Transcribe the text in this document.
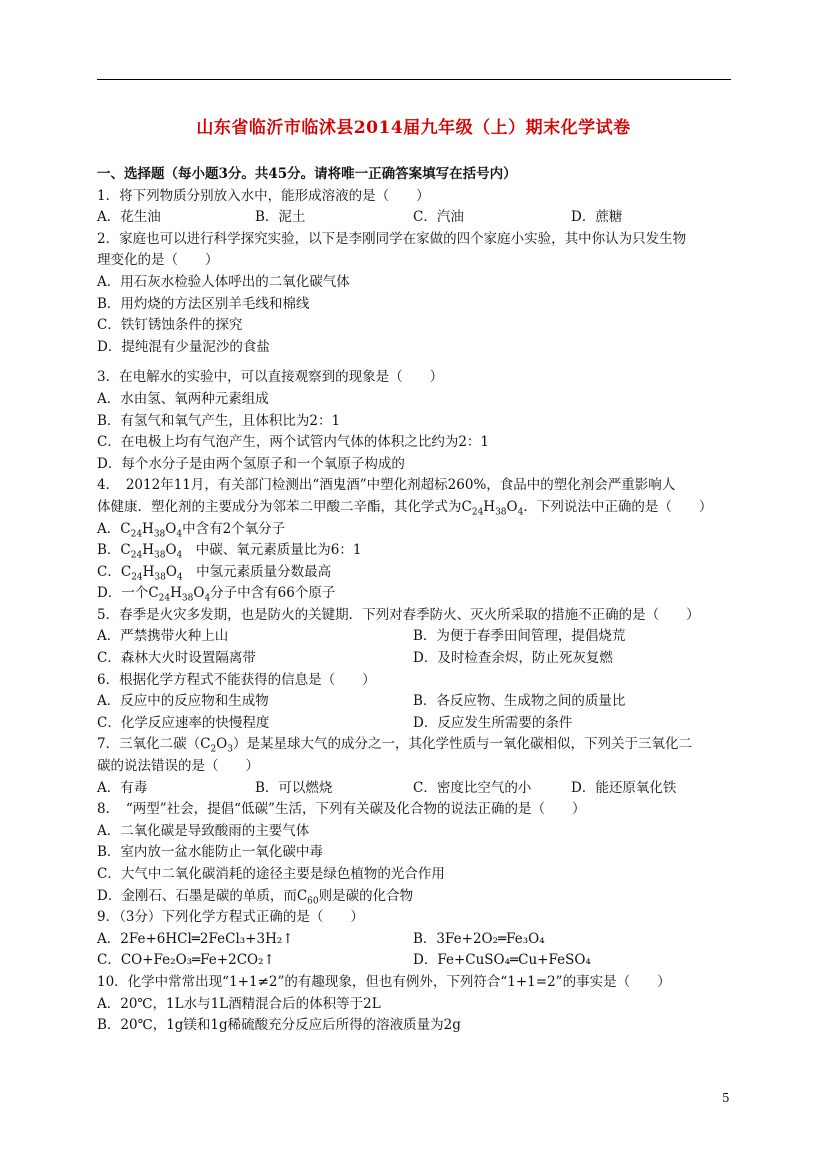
山东省临沂市临沭县2014届九年级（上）期末化学试卷
一、选择题（每小题3分。共45分。请将唯一正确答案填写在括号内）
1．将下列物质分别放入水中，能形成溶液的是（　　）
A．花生油	B．泥土	C．汽油	D．蔗糖
2．家庭也可以进行科学探究实验，以下是李刚同学在家做的四个家庭小实验，其中你认为只发生物
理变化的是（　　）
A．用石灰水检验人体呼出的二氧化碳气体
B．用灼烧的方法区别羊毛线和棉线
C．铁钉锈蚀条件的探究
D．提纯混有少量泥沙的食盐
3．在电解水的实验中，可以直接观察到的现象是（　　）
A．水由氢、氧两种元素组成
B．有氢气和氧气产生，且体积比为2：1
C．在电极上均有气泡产生，两个试管内气体的体积之比约为2：1
D．每个水分子是由两个氢原子和一个氧原子构成的
4．　2012年11月，有关部门检测出“酒鬼酒”中塑化剂超标260%，食品中的塑化剂会严重影响人
体健康．塑化剂的主要成分为邻苯二甲酸二辛酯，其化学式为$C_{24}H_{38}O_4$．下列说法中正确的是（　　）
A．$C_{24}H_{38}O_4$中含有2个氧分子
B．$C_{24}H_{38}O_4$　中碳、氧元素质量比为6：1
C．$C_{24}H_{38}O_4$　中氢元素质量分数最高
D．一个$C_{24}H_{38}O_4$分子中含有66个原子
5．春季是火灾多发期，也是防火的关键期．下列对春季防火、灭火所采取的措施不正确的是（　　）
A．严禁携带火种上山	B．为便于春季田间管理，提倡烧荒
C．森林大火时设置隔离带	D．及时检查余烬，防止死灰复燃
6．根据化学方程式不能获得的信息是（　　）
A．反应中的反应物和生成物	B．各反应物、生成物之间的质量比
C．化学反应速率的快慢程度	D．反应发生所需要的条件
7．三氧化二碳$(C_2O_3)$是某星球大气的成分之一，其化学性质与一氧化碳相似，下列关于三氧化二
碳的说法错误的是（　　）
A．有毒	B．可以燃烧	C．密度比空气的小	D．能还原氧化铁
8．　“两型”社会，提倡“低碳”生活，下列有关碳及化合物的说法正确的是（　　）
A．二氧化碳是导致酸雨的主要气体
B．室内放一盆水能防止一氧化碳中毒
C．大气中二氧化碳消耗的途径主要是绿色植物的光合作用
D．金刚石、石墨是碳的单质，而$C_{60}$则是碳的化合物
9．（3分）下列化学方程式正确的是（　　）
A．2Fe+6HCl═2FeCl₃+3H₂↑	B．3Fe+2O₂═Fe₃O₄
C．CO+Fe₂O₃═Fe+2CO₂↑	D．Fe+CuSO₄═Cu+FeSO₄
10．化学中常常出现“1+1≠2”的有趣现象，但也有例外，下列符合“1+1=2”的事实是（　　）
A．20℃，1L水与1L酒精混合后的体积等于2L
B．20℃，1g镁和1g稀硫酸充分反应后所得的溶液质量为2g
5
